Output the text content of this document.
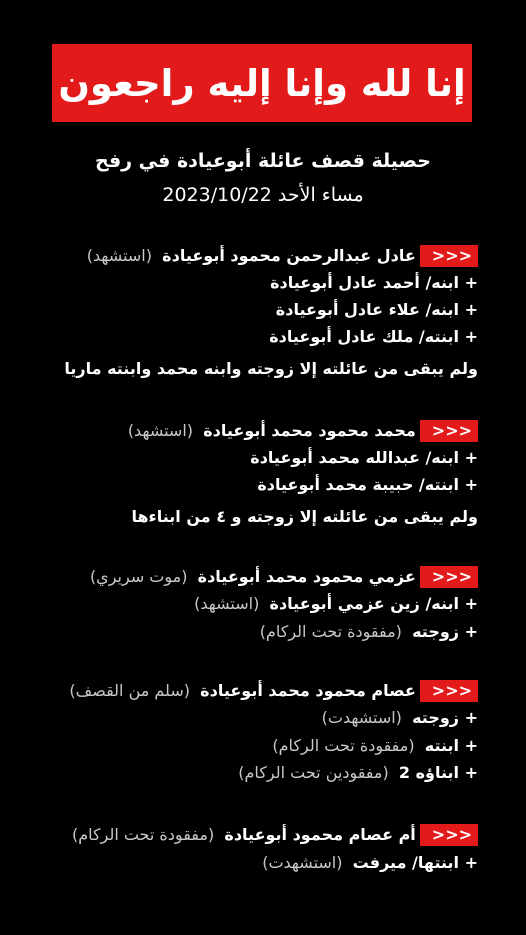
إنا لله وإنا إليه راجعون
حصيلة قصف عائلة أبوعيادة في رفح
مساء الأحد 2023/10/22
>>>عادل عبدالرحمن محمود أبوعيادة  (استشهد)
+ ابنه/ أحمد عادل أبوعيادة
+ ابنه/ علاء عادل أبوعيادة
+ ابنته/ ملك عادل أبوعيادة
ولم يبقى من عائلته إلا زوجته وابنه محمد وابنته ماريا
>>>محمد محمود محمد أبوعيادة  (استشهد)
+ ابنه/ عبدالله محمد أبوعيادة
+ ابنته/ حبيبة محمد أبوعيادة
ولم يبقى من عائلته إلا زوجته و ٤ من ابناءها
>>>عزمي محمود محمد أبوعيادة  (موت سريري)
+ ابنه/ زين عزمي أبوعيادة  (استشهد)
+ زوجته  (مفقودة تحت الركام)
>>>عصام محمود محمد أبوعيادة  (سلم من القصف)
+ زوجته  (استشهدت)
+ ابنته  (مفقودة تحت الركام)
+ ابناؤه 2  (مفقودين تحت الركام)
>>>أم عصام محمود أبوعيادة  (مفقودة تحت الركام)
+ ابنتها/ ميرفت  (استشهدت)
